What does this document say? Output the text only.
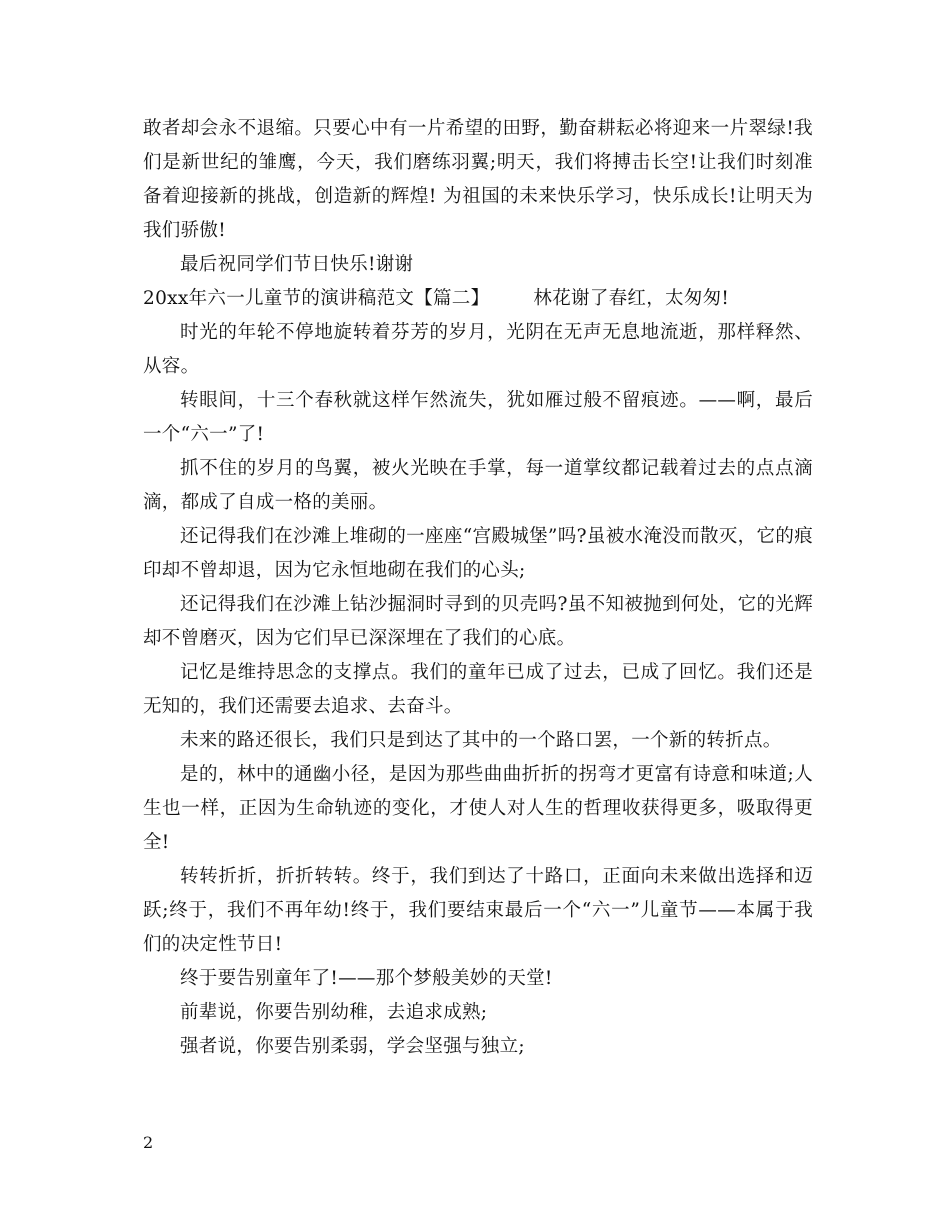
敢者却会永不退缩。只要心中有一片希望的田野，勤奋耕耘必将迎来一片翠绿!我们是新世纪的雏鹰，今天，我们磨练羽翼;明天，我们将搏击长空!让我们时刻准备着迎接新的挑战，创造新的辉煌! 为祖国的未来快乐学习，快乐成长!让明天为我们骄傲!

最后祝同学们节日快乐!谢谢

20xx年六一儿童节的演讲稿范文【篇二】 林花谢了春红，太匆匆!

时光的年轮不停地旋转着芬芳的岁月，光阴在无声无息地流逝，那样释然、从容。

转眼间，十三个春秋就这样乍然流失，犹如雁过般不留痕迹。——啊，最后一个“六一”了!

抓不住的岁月的鸟翼，被火光映在手掌，每一道掌纹都记载着过去的点点滴滴，都成了自成一格的美丽。

还记得我们在沙滩上堆砌的一座座“宫殿城堡”吗?虽被水淹没而散灭，它的痕印却不曾却退，因为它永恒地砌在我们的心头;

还记得我们在沙滩上钻沙掘洞时寻到的贝壳吗?虽不知被抛到何处，它的光辉却不曾磨灭，因为它们早已深深埋在了我们的心底。

记忆是维持思念的支撑点。我们的童年已成了过去，已成了回忆。我们还是无知的，我们还需要去追求、去奋斗。

未来的路还很长，我们只是到达了其中的一个路口罢，一个新的转折点。

是的，林中的通幽小径，是因为那些曲曲折折的拐弯才更富有诗意和味道;人生也一样，正因为生命轨迹的变化，才使人对人生的哲理收获得更多，吸取得更全!

转转折折，折折转转。终于，我们到达了十路口，正面向未来做出选择和迈跃;终于，我们不再年幼!终于，我们要结束最后一个“六一”儿童节——本属于我们的决定性节日!

终于要告别童年了!——那个梦般美妙的天堂!

前辈说，你要告别幼稚，去追求成熟;

强者说，你要告别柔弱，学会坚强与独立;

2
